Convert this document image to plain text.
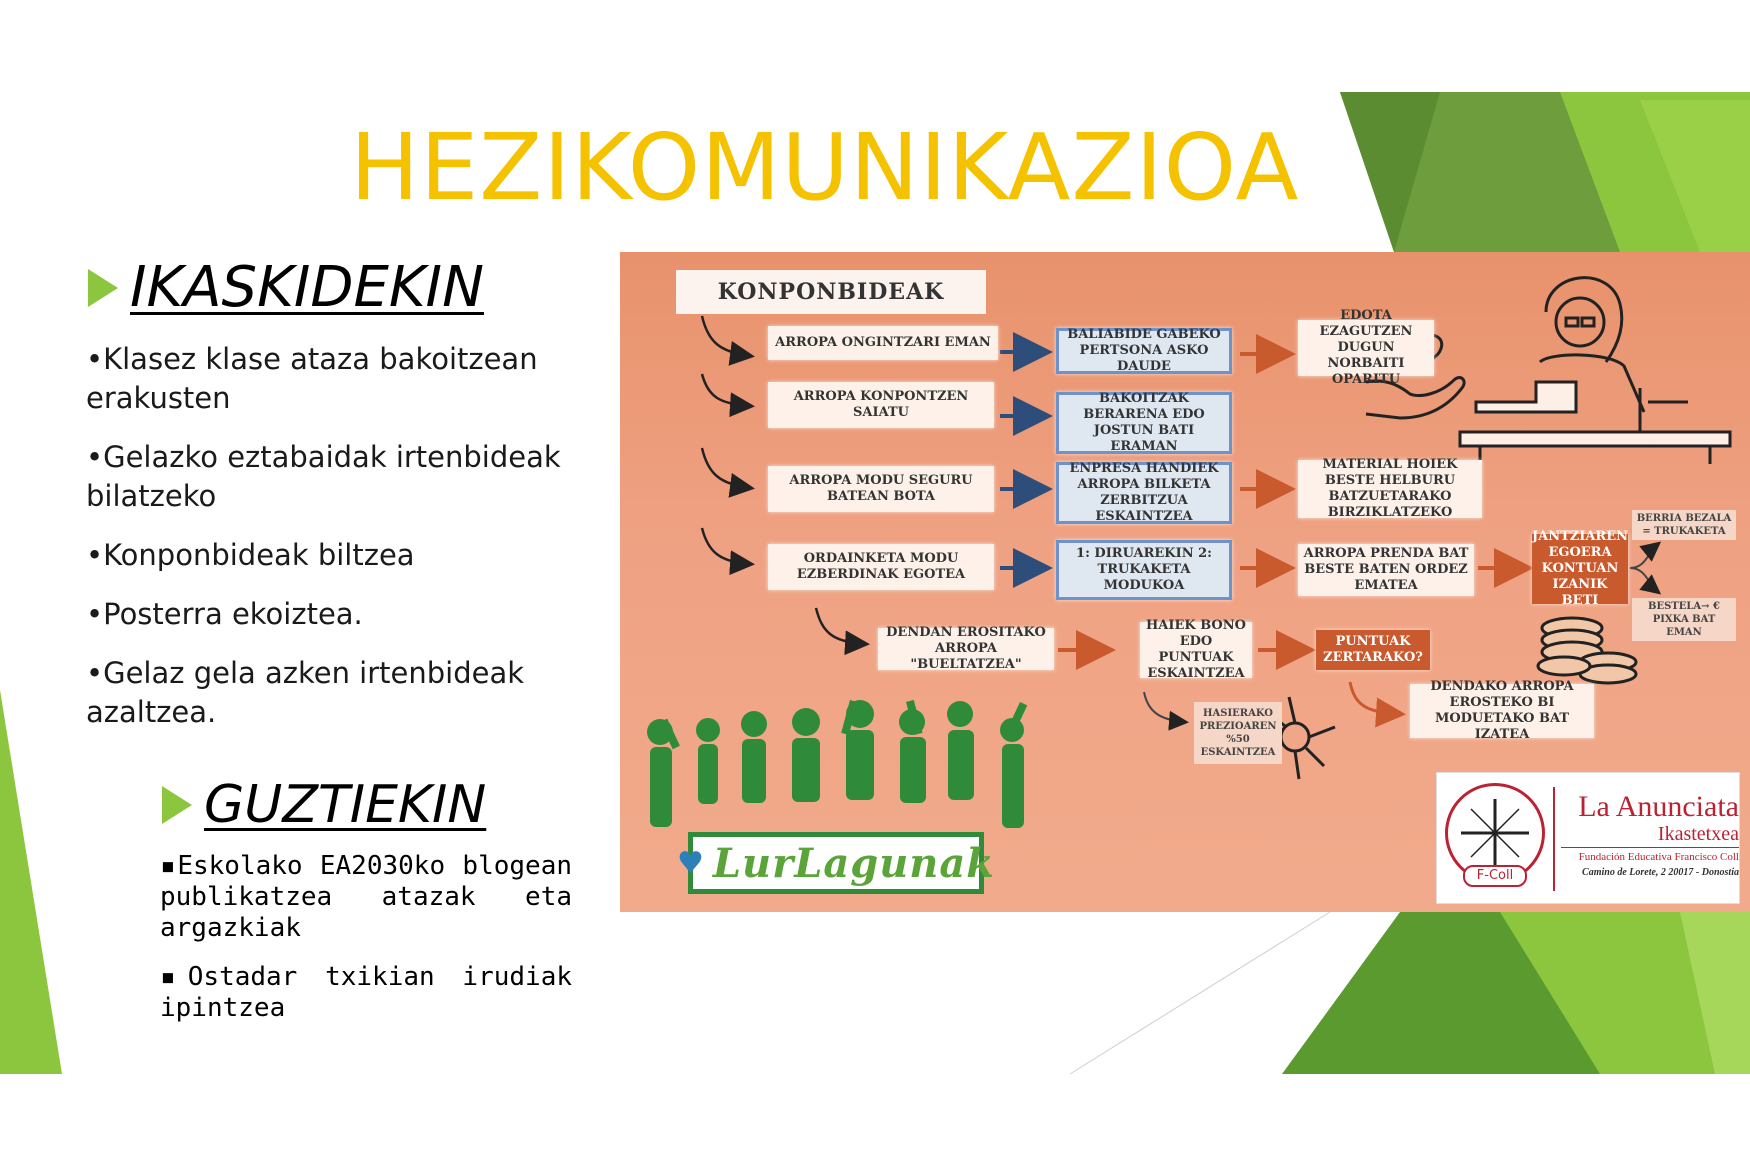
HEZIKOMUNIKAZIOA
IKASKIDEKIN
• Klasez klase ataza bakoitzean erakusten
• Gelazko eztabaidak irtenbideak bilatzeko
• Konponbideak biltzea
• Posterra ekoiztea.
• Gelaz gela azken irtenbideak azaltzea.
GUZTIEKIN
▪ Eskolako EA2030ko blogean publikatzea atazak eta argazkiak
▪ Ostadar txikian irudiak ipintzea
KONPONBIDEAK
ARROPA ONGINTZARI EMAN
BALIABIDE GABEKO PERTSONA ASKO DAUDE
EDOTA EZAGUTZEN DUGUN NORBAITI OPARITU
ARROPA KONPONTZEN SAIATU
BAKOITZAK BERARENA EDO JOSTUN BATI ERAMAN
ARROPA MODU SEGURU BATEAN BOTA
ENPRESA HANDIEK ARROPA BILKETA ZERBITZUA ESKAINTZEA
MATERIAL HOIEK BESTE HELBURU BATZUETARAKO BIRZIKLATZEKO
ORDAINKETA MODU EZBERDINAK EGOTEA
1: DIRUAREKIN 2: TRUKAKETA MODUKOA
ARROPA PRENDA BAT BESTE BATEN ORDEZ EMATEA
JANTZIAREN EGOERA KONTUAN IZANIK BETI
BERRIA BEZALA = TRUKAKETA
BESTELA→ € PIXKA BAT EMAN
DENDAN EROSITAKO ARROPA "BUELTATZEA"
HAIEK BONO EDO PUNTUAK ESKAINTZEA
PUNTUAK ZERTARAKO?
DENDAKO ARROPA EROSTEKO BI MODUETAKO BAT IZATEA
HASIERAKO PREZIOAREN %50 ESKAINTZEA
♥ LurLagunak	F-Coll
La Anunciata
Ikastetxea
Fundación Educativa Francisco Coll
Camino de Lorete, 2 20017 - Donostia
